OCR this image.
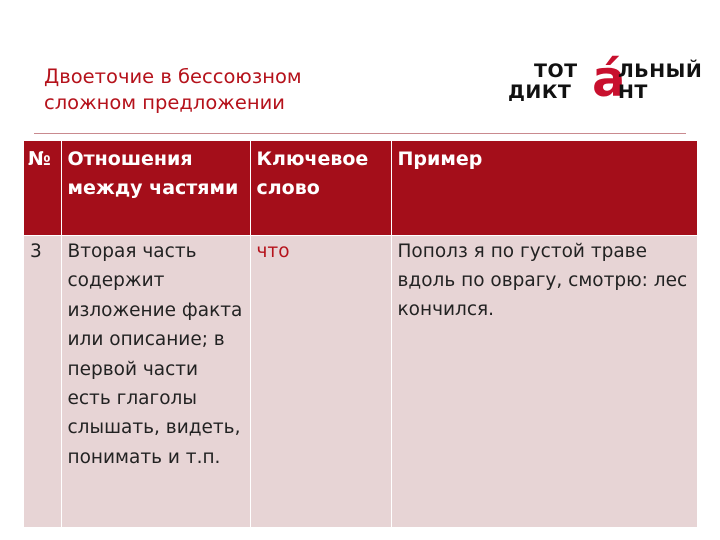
Двоеточие в бессоюзном
сложном предложении
ТОТ á
ЛЬНЫЙ
ДИКТ НТ
№	Отношения между частями	Ключевое слово	Пример
3	Вторая часть содержит изложение факта или описание; в первой части есть глаголы слышать, видеть, понимать и т.п.	что	Пополз я по густой траве вдоль по оврагу, смотрю: лес кончился.
